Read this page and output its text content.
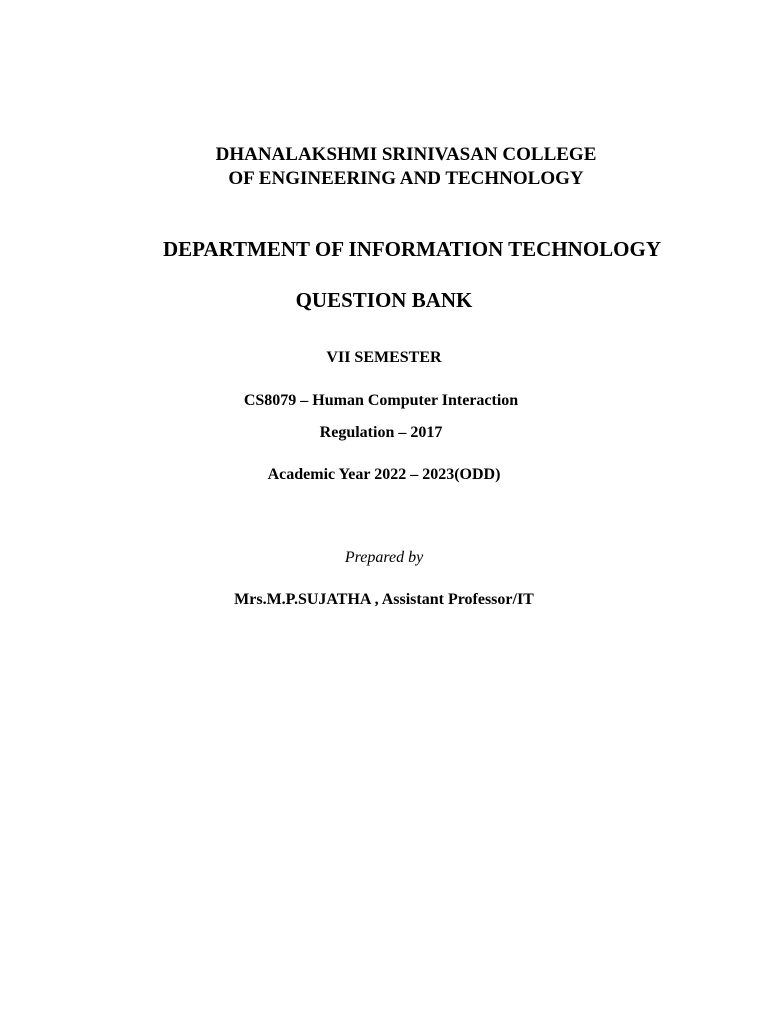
DHANALAKSHMI SRINIVASAN COLLEGE
OF ENGINEERING AND TECHNOLOGY
DEPARTMENT OF INFORMATION TECHNOLOGY
QUESTION BANK
VII SEMESTER
CS8079 – Human Computer Interaction
Regulation – 2017
Academic Year 2022 – 2023(ODD)
Prepared by
Mrs.M.P.SUJATHA , Assistant Professor/IT
